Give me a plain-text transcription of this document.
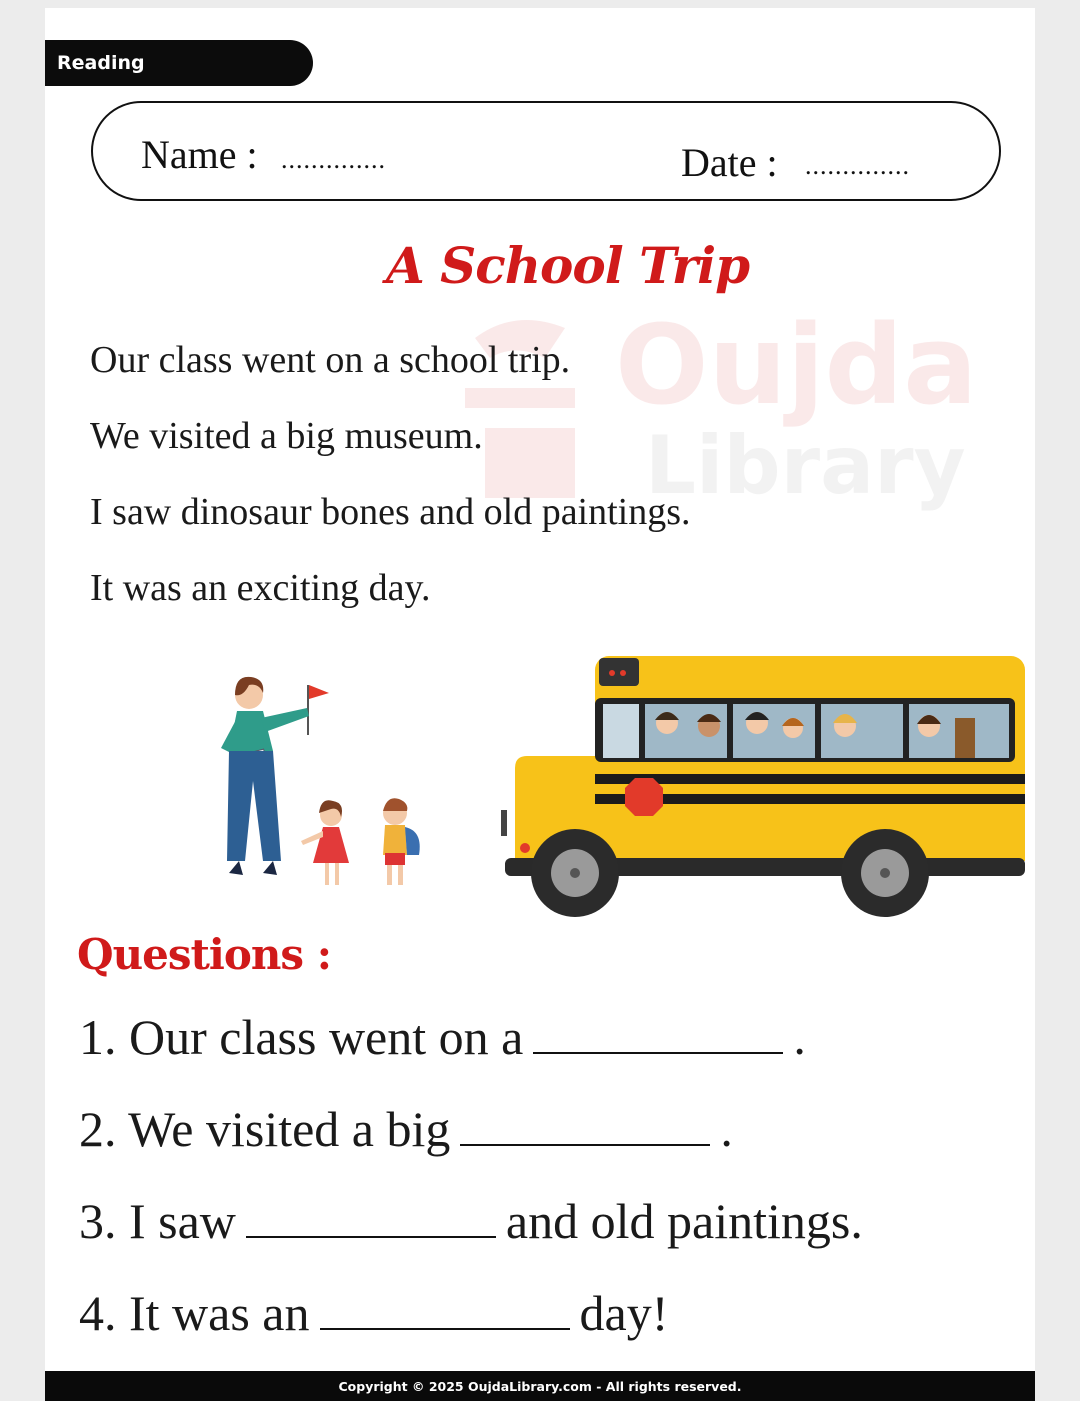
Reading Comprehension
Name : ..............	Date : ..............
Oujda
Library
A School Trip
Our class went on a school trip.
We visited a big museum.
I saw dinosaur bones and old paintings.
It was an exciting day.
Questions :
1. Our class went on a	.
2. We visited a big	.
3. I saw	and old paintings.
4. It was an	day!
Copyright © 2025 OujdaLibrary.com - All rights reserved.
